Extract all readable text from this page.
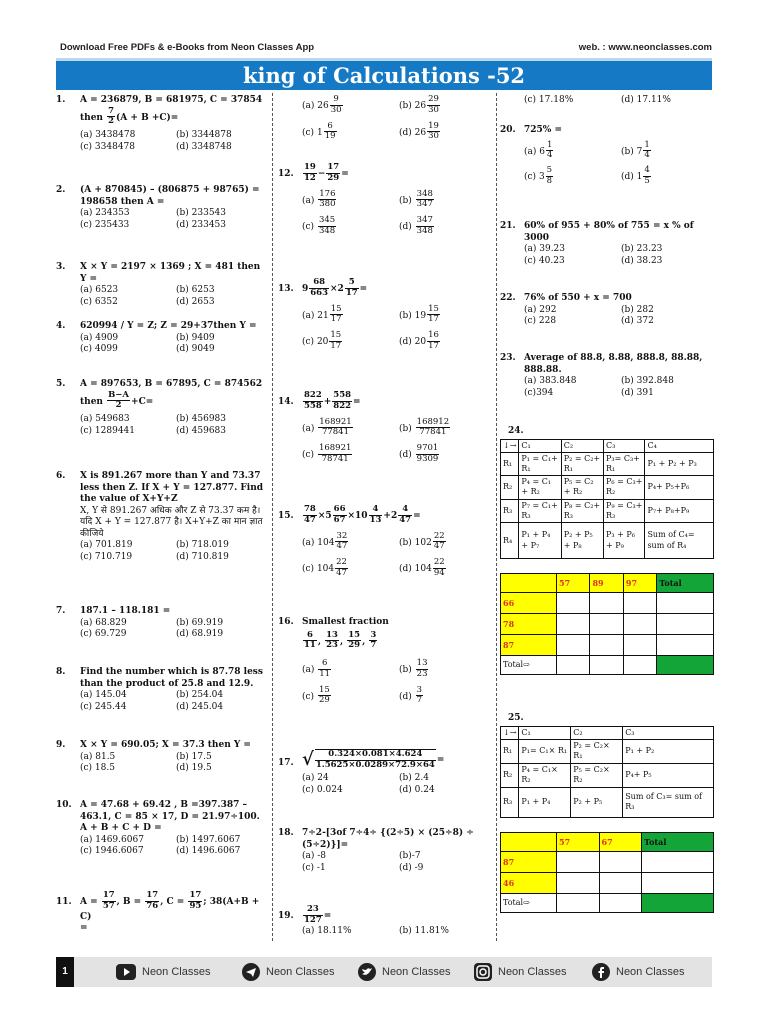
Download Free PDFs & e-Books from Neon Classes App	web. : www.neonclasses.com
king of Calculations -52
1. A = 236879, B = 681975, C = 37854
then $\frac{7}{2} (A + B +C)=$
(a) 3438478	(b) 3344878
(c) 3348478	(d) 3348748
2. (A + 870845) – (806875 + 98765) = 198658 then A =
(a) 234353	(b) 233543
(c) 235433	(d) 233453
3. X × Y = 2197 × 1369 ; X = 481 then Y =
(a) 6523	(b) 6253
(c) 6352	(d) 2653
4. 620994 / Y = Z; Z = 29+37then Y =
(a) 4909	(b) 9409
(c) 4099	(d) 9049
5. A = 897653, B = 67895, C = 874562
then $\frac{B-A}{2} +C=$
(a) 549683	(b) 456983
(c) 1289441	(d) 459683
6. X is 891.267 more than Y and 73.37 less then Z. If X + Y = 127.877. Find the value of X+Y+Z
X, Y से 891.267 अधिक और Z से 73.37 कम है। यदि X + Y = 127.877 है। X+Y+Z का मान ज्ञात कीजिये
(a) 701.819	(b) 718.019
(c) 710.719	(d) 710.819
7. 187.1 – 118.181 =
(a) 68.829	(b) 69.919
(c) 69.729	(d) 68.919
8. Find the number which is 87.78 less than the product of 25.8 and 12.9.
(a) 145.04	(b) 254.04
(c) 245.44	(d) 245.04
9. X × Y = 690.05; X = 37.3 then Y =
(a) 81.5	(b) 17.5
(c) 18.5	(d) 19.5
10. A = 47.68 + 69.42 , B =397.387 – 463.1, C = 85 × 17, D = 21.97÷100. A + B + C + D =
(a) 1469.6067	(b) 1497.6067
(c) 1946.6067	(d) 1496.6067
11. $A = \frac{17}{57}$ , $B = \frac{17}{76}$ , $C = \frac{17}{95}$ ; 38(A+B + C)
=
(a) $26 \frac{9}{30}$	(b) $26 \frac{29}{30}$
(c) $1 \frac{6}{19}$	(d) $26 \frac{19}{30}$
12. $\frac{19}{12} - \frac{17}{29}$ =
$(a) \frac{176}{380}$	$(b) \frac{348}{347}$
$(c) \frac{345}{348}$	$(d) \frac{347}{348}$
13. $9 \frac{68}{663} \times 2 \frac{5}{17}$ =
(a) $21 \frac{15}{17}$	(b) $19 \frac{15}{17}$
(c) $20 \frac{15}{17}$	(d) $20 \frac{16}{17}$
14. $\frac{822}{558} + \frac{558}{822}$ =
$(a) \frac{168921}{77841}$	$(b) \frac{168912}{77841}$
$(c) \frac{168921}{78741}$	$(d) \frac{9701}{9309}$
15. $\frac{78}{47} \times 5 \frac{66}{67} \times 10 \frac{4}{13} +2 \frac{4}{47}$ =
(a) $104 \frac{32}{47}$	(b) $102 \frac{22}{47}$
(c) $104 \frac{22}{47}$	(d) $104 \frac{22}{94}$
16. Smallest fraction
$\frac{6}{11}$ , $\frac{13}{23}$ , $\frac{15}{29}$ , $\frac{3}{7}$
$(a) \frac{6}{11}$	$(b) \frac{13}{23}$
$(c) \frac{15}{29}$	$(d) \frac{3}{7}$
17. √ $\frac{0.324\times 0.081\times 4.624}{1.5625\times 0.0289\times 72.9\times 64}$ =
(a) 24	(b) 2.4
(c) 0.024	(d) 0.24
18. 7÷2-[3of 7÷4÷ {(2÷5) × (25÷8) ÷ (5÷2)}]=
(a) -8	(b)-7
(c) -1	(d) -9
19. $\frac{23}{127}$ =
(a) 18.11%	(b) 11.81%
(c) 17.18%	(d) 17.11%
20. 725% =
(a) $6 \frac{1}{4}$	(b) $7 \frac{1}{4}$
(c) $3 \frac{5}{8}$	(d) $1 \frac{4}{5}$
21. 60% of 955 + 80% of 755 = x % of 3000
(a) 39.23	(b) 23.23
(c) 40.23	(d) 38.23
22. 76% of 550 + x = 700
(a) 292	(b) 282
(c) 228	(d) 372
23. Average of 88.8, 8.88, 888.8, 88.88, 888.88.
(a) 383.848	(b) 392.848
(c)394	(d) 391
24.
↓→	C₁	C₂	C₃	C₄
R₁	P₁ = C₁+ R₁	P₂ = C₂+ R₁	P₃= C₃+ R₁	P₁ + P₂ + P₃
R₂	P₄ = C₁ + R₂	P₅ = C₂ + R₂	P₆ = C₃+ R₂	P₄+ P₅+P₆
R₃	P₇ = C₁+ R₃	P₈ = C₂+ R₃	P₉ = C₃+ R₃	P₇+ P₈+P₉
R₄	P₁ + P₄ + P₇	P₂ + P₅ + P₈	P₃ + P₆ + P₉	Sum of C₄= sum of R₄
	57	89	97	Total
66				
78				
87				
Total⇨				
25.
↓→	C₁	C₂	C₃
R₁	P₁= C₁× R₁	P₂ = C₂× R₁	P₁ + P₂
R₂	P₄ = C₁× R₂	P₅ = C₂× R₂	P₄+ P₅
R₃	P₁ + P₄	P₂ + P₅	Sum of C₃= sum of R₃
	57	67	Total
87			
46			
Total⇨			
1	Neon Classes	Neon Classes	Neon Classes	Neon Classes	Neon Classes
